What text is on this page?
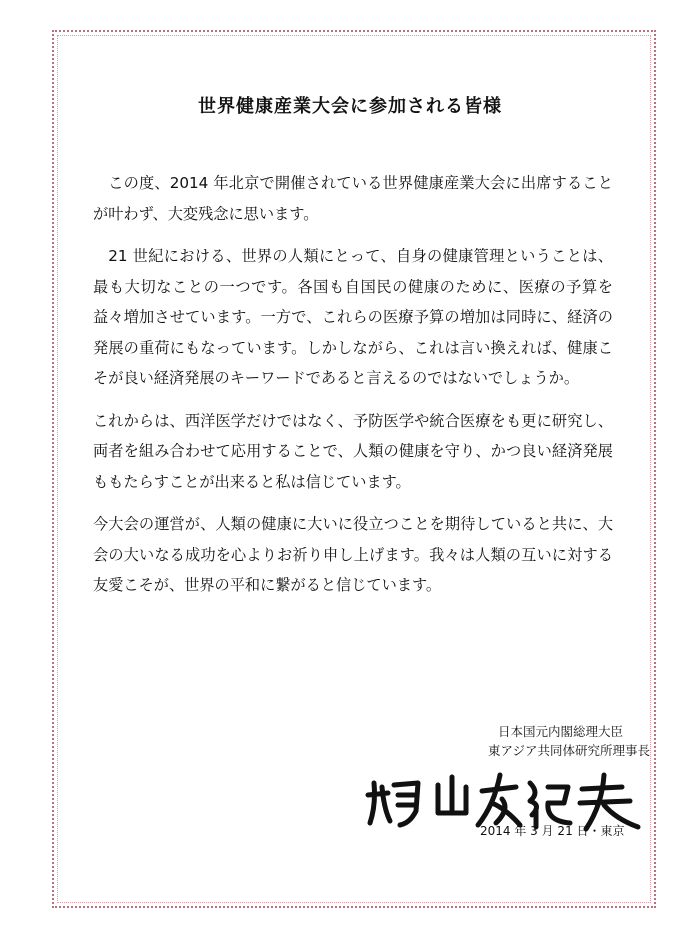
世界健康産業大会に参加される皆様

この度、2014 年北京で開催されている世界健康産業大会に出席することが叶わず、大変残念に思います。

21 世紀における、世界の人類にとって、自身の健康管理ということは、最も大切なことの一つです。各国も自国民の健康のために、医療の予算を益々増加させています。一方で、これらの医療予算の増加は同時に、経済の発展の重荷にもなっています。しかしながら、これは言い換えれば、健康こそが良い経済発展のキーワードであると言えるのではないでしょうか。

これからは、西洋医学だけではなく、予防医学や統合医療をも更に研究し、両者を組み合わせて応用することで、人類の健康を守り、かつ良い経済発展ももたらすことが出来ると私は信じています。

今大会の運営が、人類の健康に大いに役立つことを期待していると共に、大会の大いなる成功を心よりお祈り申し上げます。我々は人類の互いに対する友愛こそが、世界の平和に繋がると信じています。

日本国元内閣総理大臣
東アジア共同体研究所理事長
2014 年 3 月 21 日・東京
